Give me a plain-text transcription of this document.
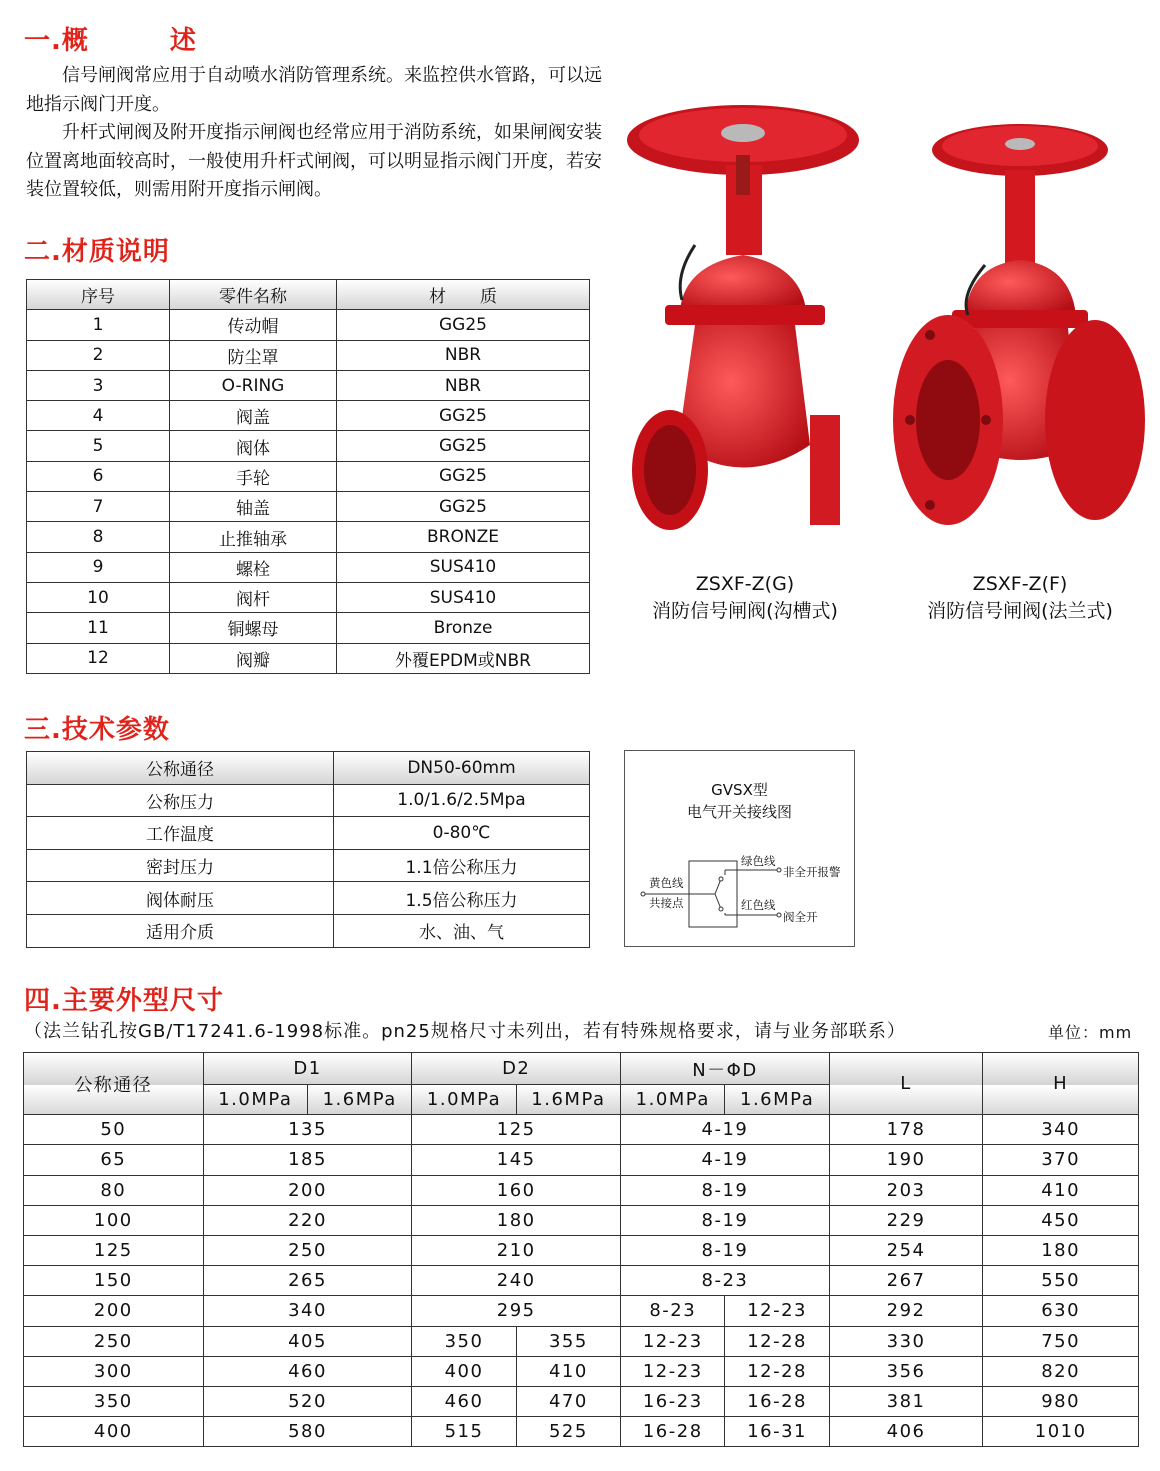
一.概　　　述

信号闸阀常应用于自动喷水消防管理系统。来监控供水管路，可以远地指示阀门开度。

升杆式闸阀及附开度指示闸阀也经常应用于消防系统，如果闸阀安装位置离地面较高时，一般使用升杆式闸阀，可以明显指示阀门开度，若安装位置较低，则需用附开度指示闸阀。

二.材质说明
序号	零件名称	材　　质
1	传动帽	GG25
2	防尘罩	NBR
3	O-RING	NBR
4	阀盖	GG25
5	阀体	GG25
6	手轮	GG25
7	轴盖	GG25
8	止推轴承	BRONZE
9	螺栓	SUS410
10	阀杆	SUS410
11	铜螺母	Bronze
12	阀瓣	外覆EPDM或NBR
ZSXF-Z(G)
消防信号闸阀(沟槽式)
ZSXF-Z(F)
消防信号闸阀(法兰式)
三.技术参数
公称通径	DN50-60mm
公称压力	1.0/1.6/2.5Mpa
工作温度	0-80℃
密封压力	1.1倍公称压力
阀体耐压	1.5倍公称压力
适用介质	水、油、气
GVSX型
电气开关接线图
黄色线
共接点
绿色线
非全开报警
红色线
阀全开
四.主要外型尺寸
（法兰钻孔按GB/T17241.6-1998标准。pn25规格尺寸未列出，若有特殊规格要求，请与业务部联系）	单位：mm
公称通径	D1		D2		N－ΦD		L	H
	1.0MPa	1.6MPa	1.0MPa	1.6MPa	1.0MPa	1.6MPa		
50	135		125		4-19		178	340
65	185		145		4-19		190	370
80	200		160		8-19		203	410
100	220		180		8-19		229	450
125	250		210		8-19		254	180
150	265		240		8-23		267	550
200	340		295		8-23	12-23	292	630
250	405		350	355	12-23	12-28	330	750
300	460		400	410	12-23	12-28	356	820
350	520		460	470	16-23	16-28	381	980
400	580		515	525	16-28	16-31	406	1010
